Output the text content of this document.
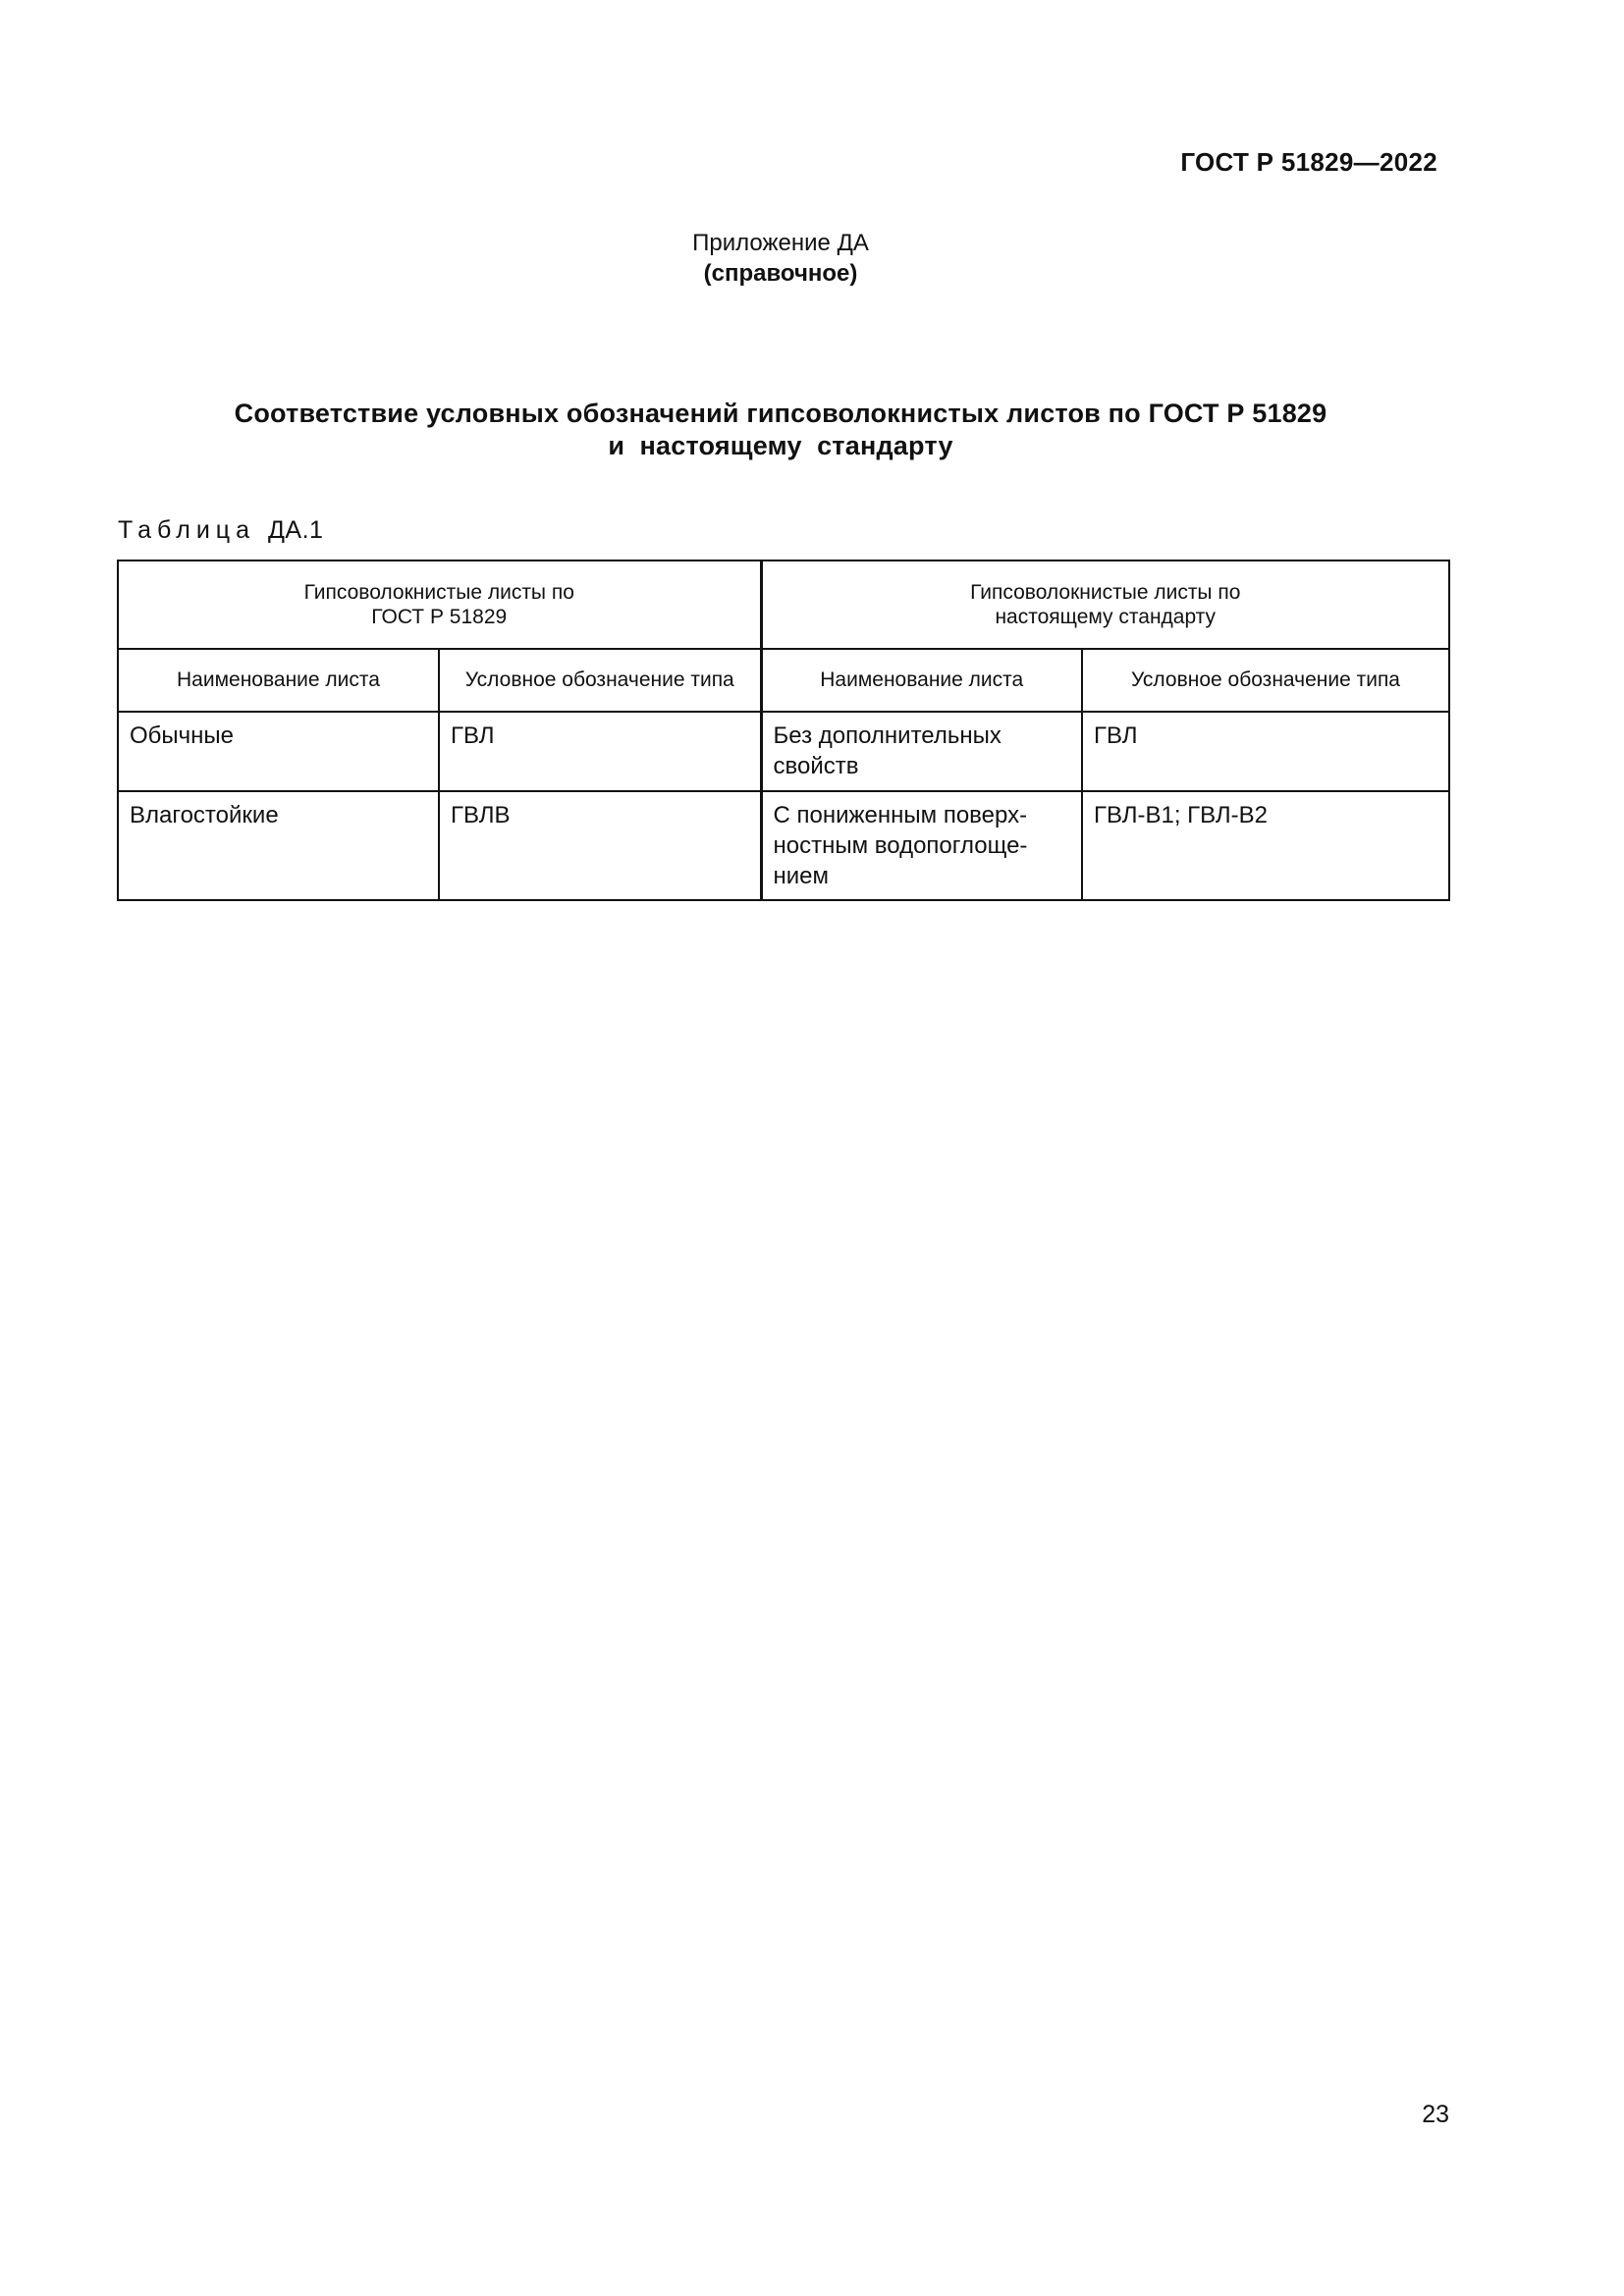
ГОСТ Р 51829—2022
Приложение ДА
(справочное)
Соответствие условных обозначений гипсоволокнистых листов по ГОСТ Р 51829
и  настоящему  стандарту
Таблица ДА.1
Гипсоволокнистые листы по ГОСТ Р 51829		Гипсоволокнистые листы по настоящему стандарту	
Наименование листа	Условное обозначение типа	Наименование листа	Условное обозначение типа
Обычные	ГВЛ	Без дополнительных свойств	ГВЛ
Влагостойкие	ГВЛВ	С пониженным поверх- ностным водопоглоще- нием	ГВЛ-В1; ГВЛ-В2
23
